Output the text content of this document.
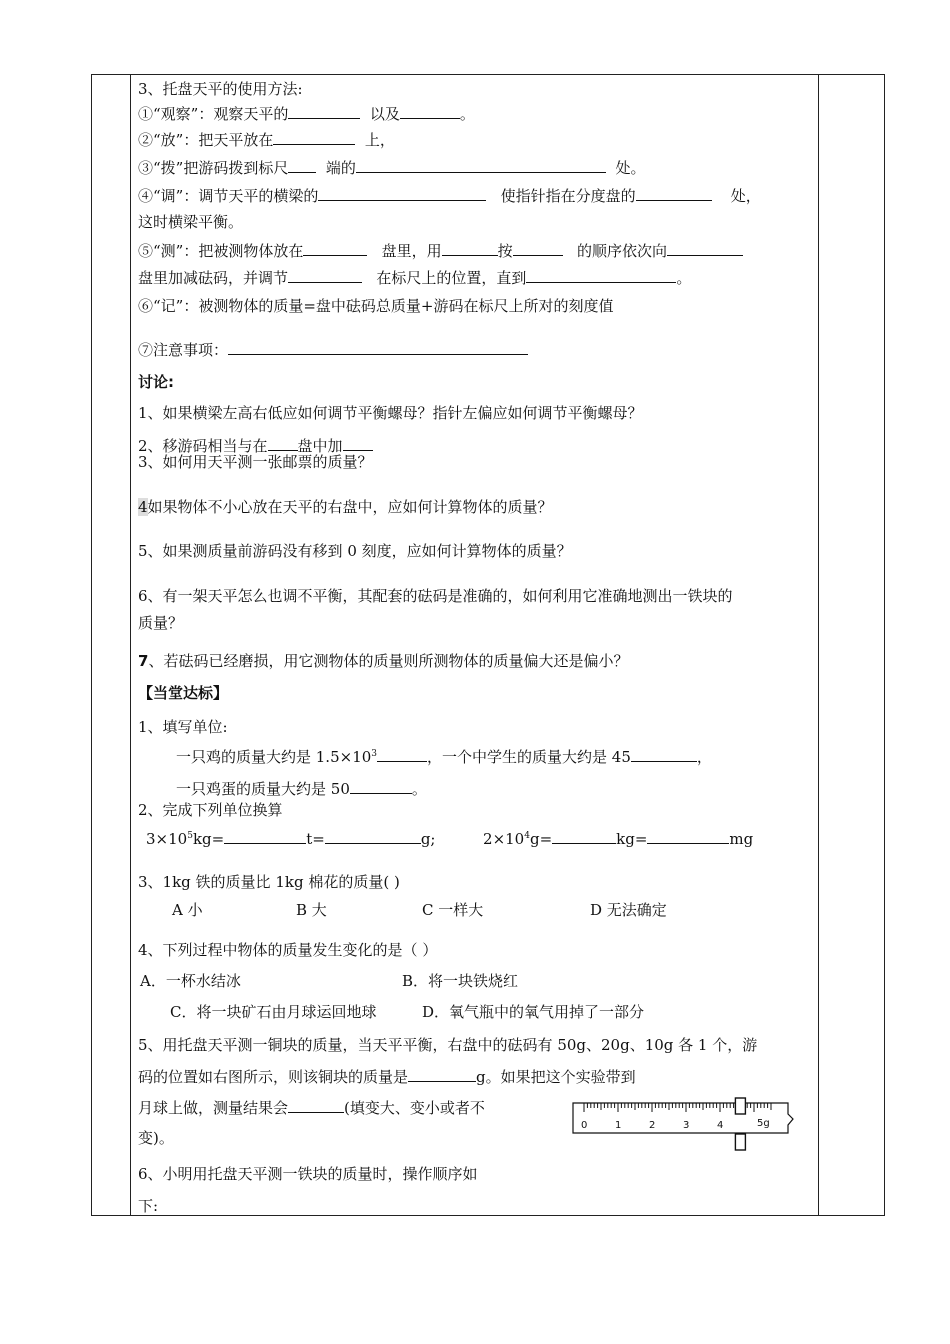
3、托盘天平的使用方法:
①“观察”：观察天平的	以及	。
②“放”：把天平放在	上，
③“拨”把游码拨到标尺	端的	处。
④“调”：调节天平的横梁的	使指针指在分度盘的	处，
这时横梁平衡。
⑤“测”：把被测物体放在	盘里，用	按	的顺序依次向
盘里加减砝码，并调节	在标尺上的位置，直到	。
⑥“记”：被测物体的质量=盘中砝码总质量+游码在标尺上所对的刻度值
⑦注意事项：
讨论:
1、如果横梁左高右低应如何调节平衡螺母？指针左偏应如何调节平衡螺母？
2、移游码相当与在 盘中加
3、如何用天平测一张邮票的质量？
4如果物体不小心放在天平的右盘中，应如何计算物体的质量？
5、如果测质量前游码没有移到 0 刻度，应如何计算物体的质量？
6、有一架天平怎么也调不平衡，其配套的砝码是准确的，如何利用它准确地测出一铁块的
质量？
7、若砝码已经磨损，用它测物体的质量则所测物体的质量偏大还是偏小？
【当堂达标】
1、填写单位:
一只鸡的质量大约是 $1.5\times 10^3$	，一个中学生的质量大约是 45	，
一只鸡蛋的质量大约是 50	。
2、完成下列单位换算
$3\times 10^5kg=$	t=	g;	$2\times 10^4g=$	kg=	mg
3、1kg 铁的质量比 1kg 棉花的质量( )
A 小	B 大	C 一样大	D 无法确定
4、下列过程中物体的质量发生变化的是（ ）
A．一杯水结冰	B．将一块铁烧红
C．将一块矿石由月球运回地球	D．氧气瓶中的氧气用掉了一部分
5、用托盘天平测一铜块的质量，当天平平衡，右盘中的砝码有 50g、20g、10g 各 1 个，游
码的位置如右图所示，则该铜块的质量是	g。如果把这个实验带到
月球上做，测量结果会	(填变大、变小或者不
变)。
0	1	2	3	4	5g
6、小明用托盘天平测一铁块的质量时，操作顺序如
下:
